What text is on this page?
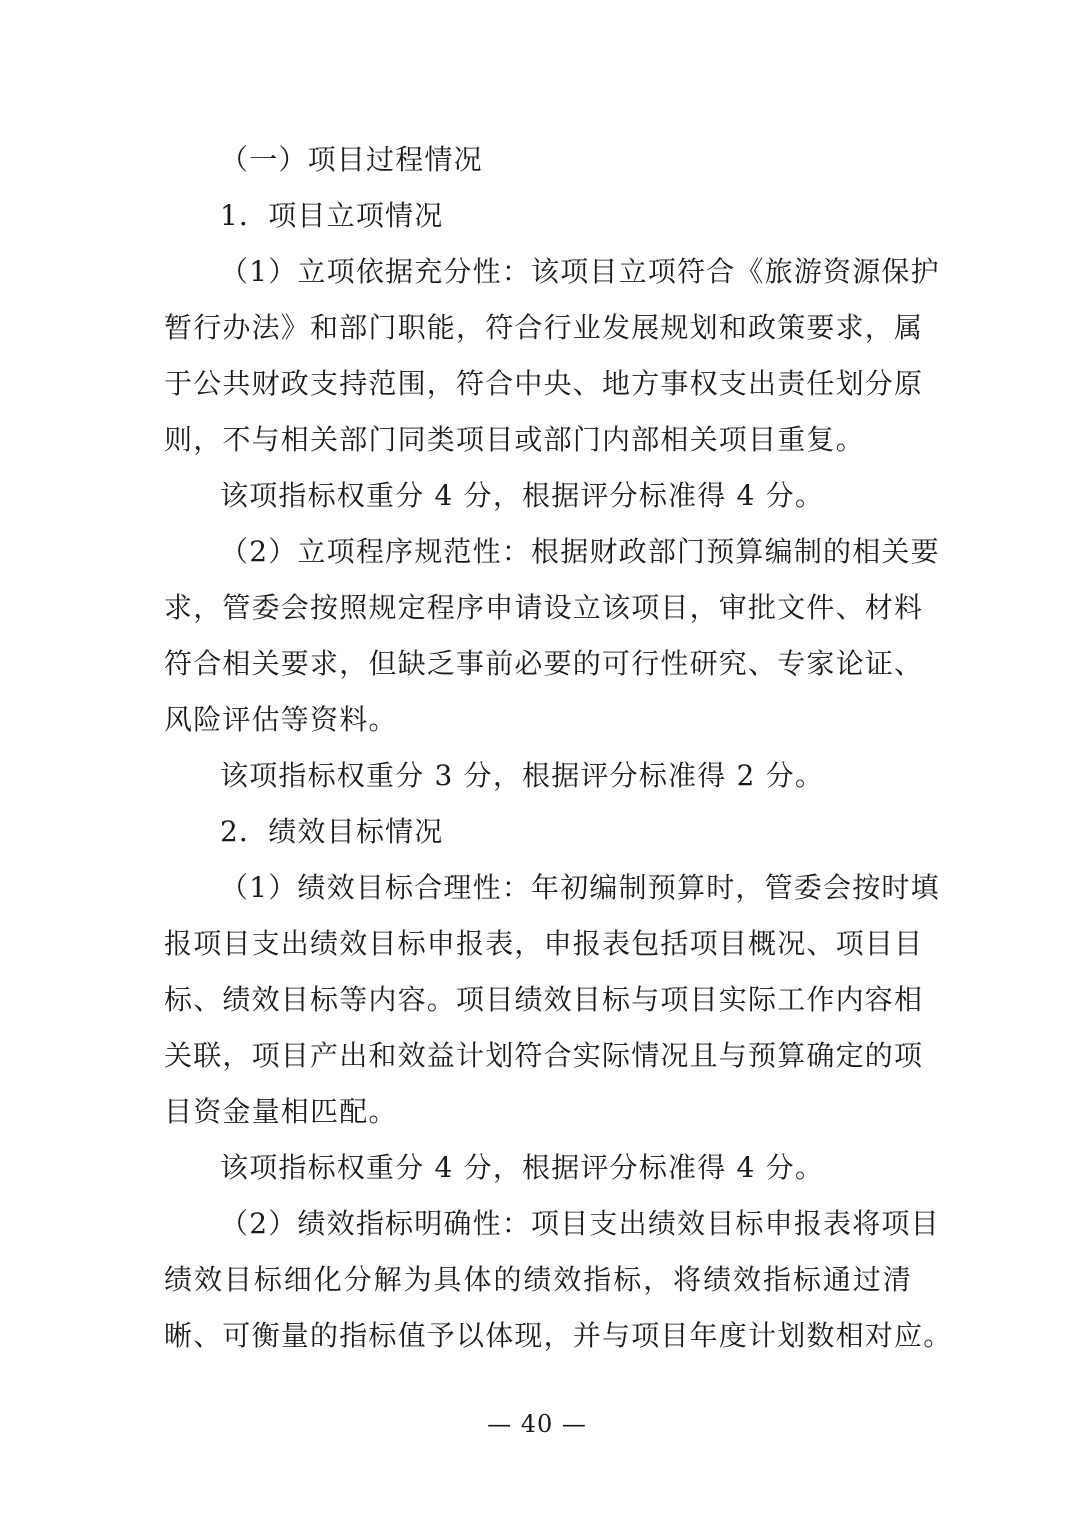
（一）项目过程情况
1．项目立项情况
（1）立项依据充分性：该项目立项符合《旅游资源保护
暂行办法》和部门职能，符合行业发展规划和政策要求，属
于公共财政支持范围，符合中央、地方事权支出责任划分原
则，不与相关部门同类项目或部门内部相关项目重复。
该项指标权重分 4 分，根据评分标准得 4 分。
（2）立项程序规范性：根据财政部门预算编制的相关要
求，管委会按照规定程序申请设立该项目，审批文件、材料
符合相关要求，但缺乏事前必要的可行性研究、专家论证、
风险评估等资料。
该项指标权重分 3 分，根据评分标准得 2 分。
2．绩效目标情况
（1）绩效目标合理性：年初编制预算时，管委会按时填
报项目支出绩效目标申报表，申报表包括项目概况、项目目
标、绩效目标等内容。项目绩效目标与项目实际工作内容相
关联，项目产出和效益计划符合实际情况且与预算确定的项
目资金量相匹配。
该项指标权重分 4 分，根据评分标准得 4 分。
（2）绩效指标明确性：项目支出绩效目标申报表将项目
绩效目标细化分解为具体的绩效指标，将绩效指标通过清
晰、可衡量的指标值予以体现，并与项目年度计划数相对应。
— 40 —
